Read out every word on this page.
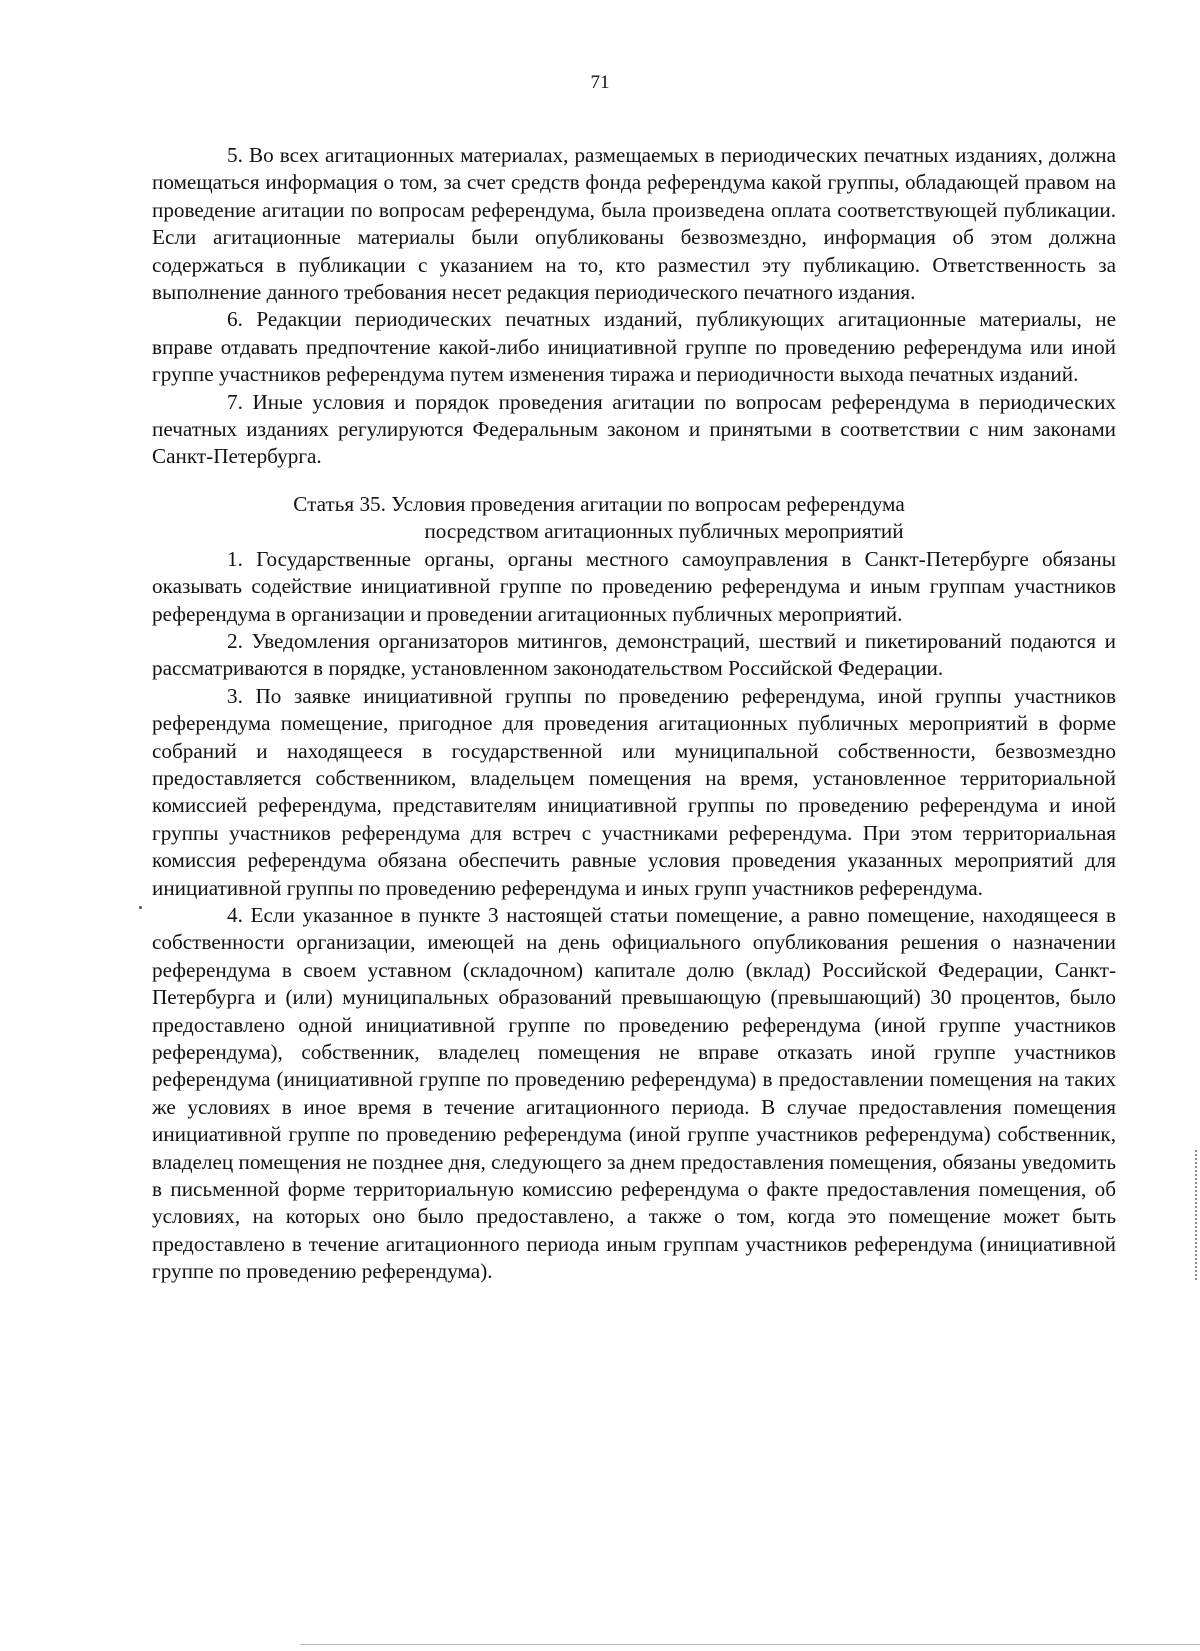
71

5. Во всех агитационных материалах, размещаемых в периодических печатных изданиях, должна помещаться информация о том, за счет средств фонда референдума какой группы, обладающей правом на проведение агитации по вопросам референдума, была произведена оплата соответствующей публикации. Если агитационные материалы были опубликованы безвозмездно, информация об этом должна содержаться в публикации с указанием на то, кто разместил эту публикацию. Ответственность за выполнение данного требования несет редакция периодического печатного издания.

6. Редакции периодических печатных изданий, публикующих агитационные материалы, не вправе отдавать предпочтение какой-либо инициативной группе по проведению референдума или иной группе участников референдума путем изменения тиража и периодичности выхода печатных изданий.

7. Иные условия и порядок проведения агитации по вопросам референдума в периодических печатных изданиях регулируются Федеральным законом и принятыми в соответствии с ним законами Санкт-Петербурга.

Статья 35. Условия проведения агитации по вопросам референдума
посредством агитационных публичных мероприятий

1. Государственные органы, органы местного самоуправления в Санкт-Петербурге обязаны оказывать содействие инициативной группе по проведению референдума и иным группам участников референдума в организации и проведении агитационных публичных мероприятий.

2. Уведомления организаторов митингов, демонстраций, шествий и пикетирований подаются и рассматриваются в порядке, установленном законодательством Российской Федерации.

3. По заявке инициативной группы по проведению референдума, иной группы участников референдума помещение, пригодное для проведения агитационных публичных мероприятий в форме собраний и находящееся в государственной или муниципальной собственности, безвозмездно предоставляется собственником, владельцем помещения на время, установленное территориальной комиссией референдума, представителям инициативной группы по проведению референдума и иной группы участников референдума для встреч с участниками референдума. При этом территориальная комиссия референдума обязана обеспечить равные условия проведения указанных мероприятий для инициативной группы по проведению референдума и иных групп участников референдума.

4. Если указанное в пункте 3 настоящей статьи помещение, а равно помещение, находящееся в собственности организации, имеющей на день официального опубликования решения о назначении референдума в своем уставном (складочном) капитале долю (вклад) Российской Федерации, Санкт-Петербурга и (или) муниципальных образований превышающую (превышающий) 30 процентов, было предоставлено одной инициативной группе по проведению референдума (иной группе участников референдума), собственник, владелец помещения не вправе отказать иной группе участников референдума (инициативной группе по проведению референдума) в предоставлении помещения на таких же условиях в иное время в течение агитационного периода. В случае предоставления помещения инициативной группе по проведению референдума (иной группе участников референдума) собственник, владелец помещения не позднее дня, следующего за днем предоставления помещения, обязаны уведомить в письменной форме территориальную комиссию референдума о факте предоставления помещения, об условиях, на которых оно было предоставлено, а также о том, когда это помещение может быть предоставлено в течение агитационного периода иным группам участников референдума (инициативной группе по проведению референдума).
